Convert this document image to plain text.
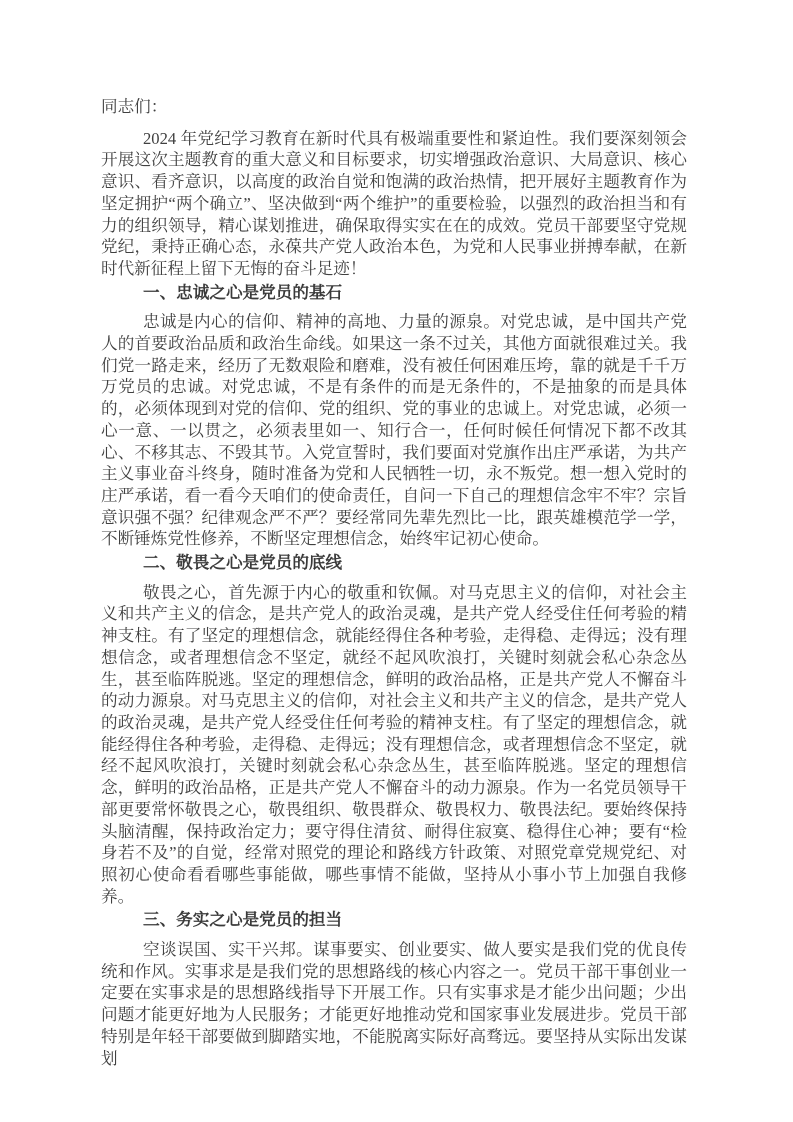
同志们：

2024 年党纪学习教育在新时代具有极端重要性和紧迫性。我们要深刻领会开展这次主题教育的重大意义和目标要求，切实增强政治意识、大局意识、核心意识、看齐意识，以高度的政治自觉和饱满的政治热情，把开展好主题教育作为坚定拥护“两个确立”、坚决做到“两个维护”的重要检验，以强烈的政治担当和有力的组织领导，精心谋划推进，确保取得实实在在的成效。党员干部要坚守党规党纪，秉持正确心态，永葆共产党人政治本色，为党和人民事业拼搏奉献，在新时代新征程上留下无悔的奋斗足迹！

一、忠诚之心是党员的基石

忠诚是内心的信仰、精神的高地、力量的源泉。对党忠诚，是中国共产党人的首要政治品质和政治生命线。如果这一条不过关，其他方面就很难过关。我们党一路走来，经历了无数艰险和磨难，没有被任何困难压垮，靠的就是千千万万党员的忠诚。对党忠诚，不是有条件的而是无条件的，不是抽象的而是具体的，必须体现到对党的信仰、党的组织、党的事业的忠诚上。对党忠诚，必须一心一意、一以贯之，必须表里如一、知行合一，任何时候任何情况下都不改其心、不移其志、不毁其节。入党宣誓时，我们要面对党旗作出庄严承诺，为共产主义事业奋斗终身，随时准备为党和人民牺牲一切，永不叛党。想一想入党时的庄严承诺，看一看今天咱们的使命责任，自问一下自己的理想信念牢不牢？宗旨意识强不强？纪律观念严不严？要经常同先辈先烈比一比，跟英雄模范学一学，不断锤炼党性修养，不断坚定理想信念，始终牢记初心使命。

二、敬畏之心是党员的底线

敬畏之心，首先源于内心的敬重和钦佩。对马克思主义的信仰，对社会主义和共产主义的信念，是共产党人的政治灵魂，是共产党人经受住任何考验的精神支柱。有了坚定的理想信念，就能经得住各种考验，走得稳、走得远；没有理想信念，或者理想信念不坚定，就经不起风吹浪打，关键时刻就会私心杂念丛生，甚至临阵脱逃。坚定的理想信念，鲜明的政治品格，正是共产党人不懈奋斗的动力源泉。对马克思主义的信仰，对社会主义和共产主义的信念，是共产党人的政治灵魂，是共产党人经受住任何考验的精神支柱。有了坚定的理想信念，就能经得住各种考验，走得稳、走得远；没有理想信念，或者理想信念不坚定，就经不起风吹浪打，关键时刻就会私心杂念丛生，甚至临阵脱逃。坚定的理想信念，鲜明的政治品格，正是共产党人不懈奋斗的动力源泉。作为一名党员领导干部更要常怀敬畏之心，敬畏组织、敬畏群众、敬畏权力、敬畏法纪。要始终保持头脑清醒，保持政治定力；要守得住清贫、耐得住寂寞、稳得住心神；要有“检身若不及”的自觉，经常对照党的理论和路线方针政策、对照党章党规党纪、对照初心使命看看哪些事能做，哪些事情不能做，坚持从小事小节上加强自我修养。

三、务实之心是党员的担当

空谈误国、实干兴邦。谋事要实、创业要实、做人要实是我们党的优良传统和作风。实事求是是我们党的思想路线的核心内容之一。党员干部干事创业一定要在实事求是的思想路线指导下开展工作。只有实事求是才能少出问题；少出问题才能更好地为人民服务；才能更好地推动党和国家事业发展进步。党员干部特别是年轻干部要做到脚踏实地，不能脱离实际好高骛远。要坚持从实际出发谋划
